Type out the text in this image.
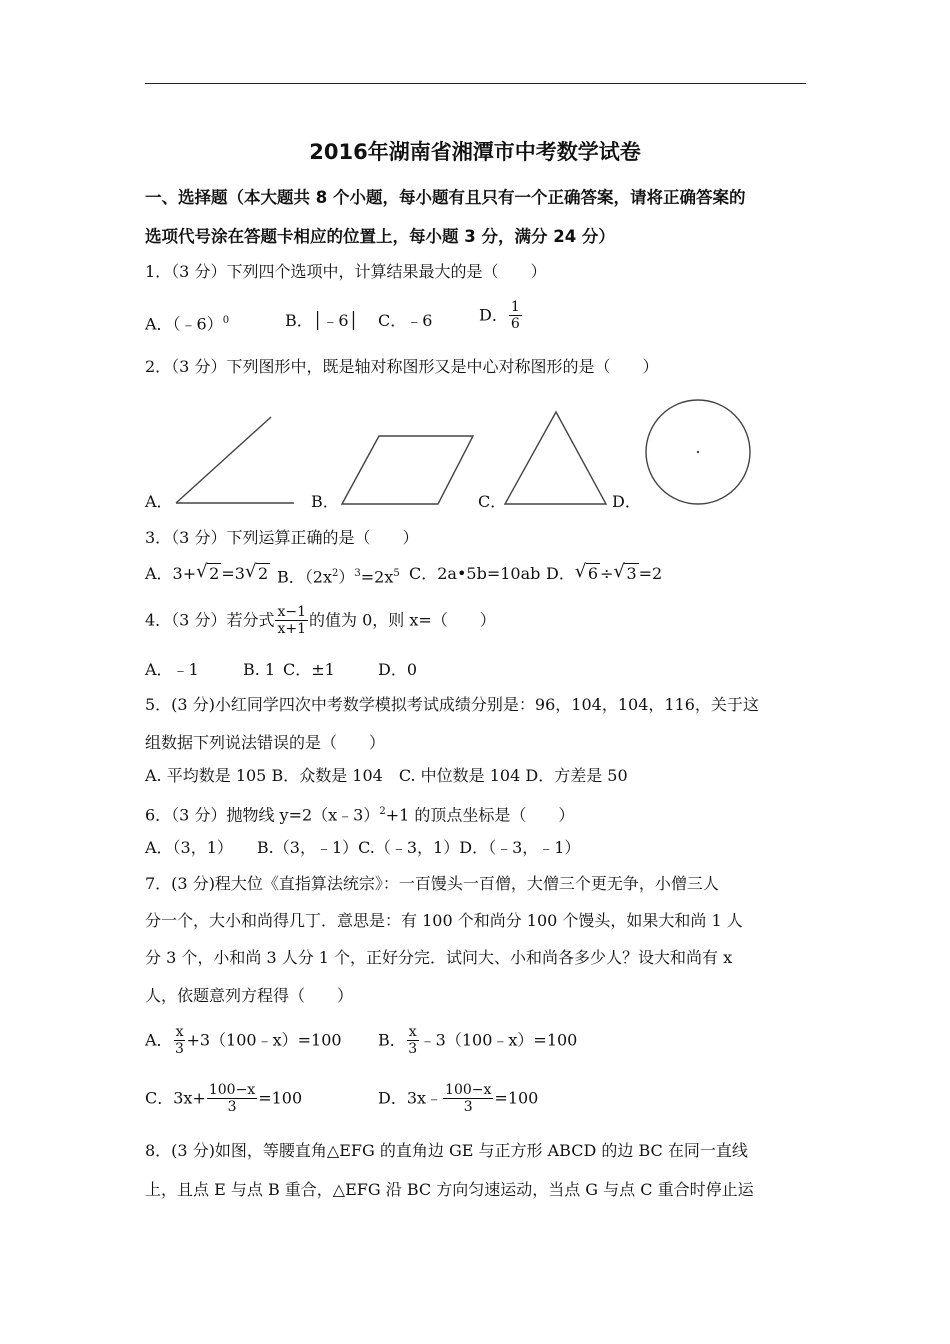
2016年湖南省湘潭市中考数学试卷
一、选择题（本大题共 8 个小题，每小题有且只有一个正确答案，请将正确答案的
选项代号涂在答题卡相应的位置上，每小题 3 分，满分 24 分）
1．（3 分）下列四个选项中，计算结果最大的是（　　）
A．（﹣6）$^0$	B．│﹣6│ C．﹣6	D． $\frac{1}{6}$
2．（3 分）下列图形中，既是轴对称图形又是中心对称图形的是（　　）
A．	B．	C．	D．
3．（3 分）下列运算正确的是（　　）
A．3+ √ 2 =3 √ 2 B．$(2x^2)^3=2x^5$ C．2a•5b=10ab D． √ 6 ÷ √ 3 =2
4．（3 分）若分式 $\frac{x-1}{x+1}$ 的值为 0，则 x=（　　）
A．﹣1	B. 1 C．±1	D．0
5．(3 分)小红同学四次中考数学模拟考试成绩分别是：96，104，104，116，关于这
组数据下列说法错误的是（　　）
A. 平均数是 105 B．众数是 104　C. 中位数是 104 D．方差是 50
6．（3 分）抛物线 y=2（x﹣3）$^2$+1 的顶点坐标是（　　）
A．（3，1）　　B.（3，﹣1）C.（﹣3，1）D．（﹣3，﹣1）
7．(3 分)程大位《直指算法统宗》：一百馒头一百僧，大僧三个更无争，小僧三人
分一个，大小和尚得几丁．意思是：有 100 个和尚分 100 个馒头，如果大和尚 1 人
分 3 个，小和尚 3 人分 1 个，正好分完．试问大、小和尚各多少人？设大和尚有 x
人，依题意列方程得（　　）
A． $\frac{x}{3}$ +3（100﹣x）=100 B． $\frac{x}{3}$ ﹣3（100﹣x）=100
C．$3x+ \frac{100-x}{3} =100$	D．3x﹣ $\frac{100-x}{3} =100$
8．(3 分)如图，等腰直角△EFG 的直角边 GE 与正方形 ABCD 的边 BC 在同一直线
上，且点 E 与点 B 重合，△EFG 沿 BC 方向匀速运动，当点 G 与点 C 重合时停止运
